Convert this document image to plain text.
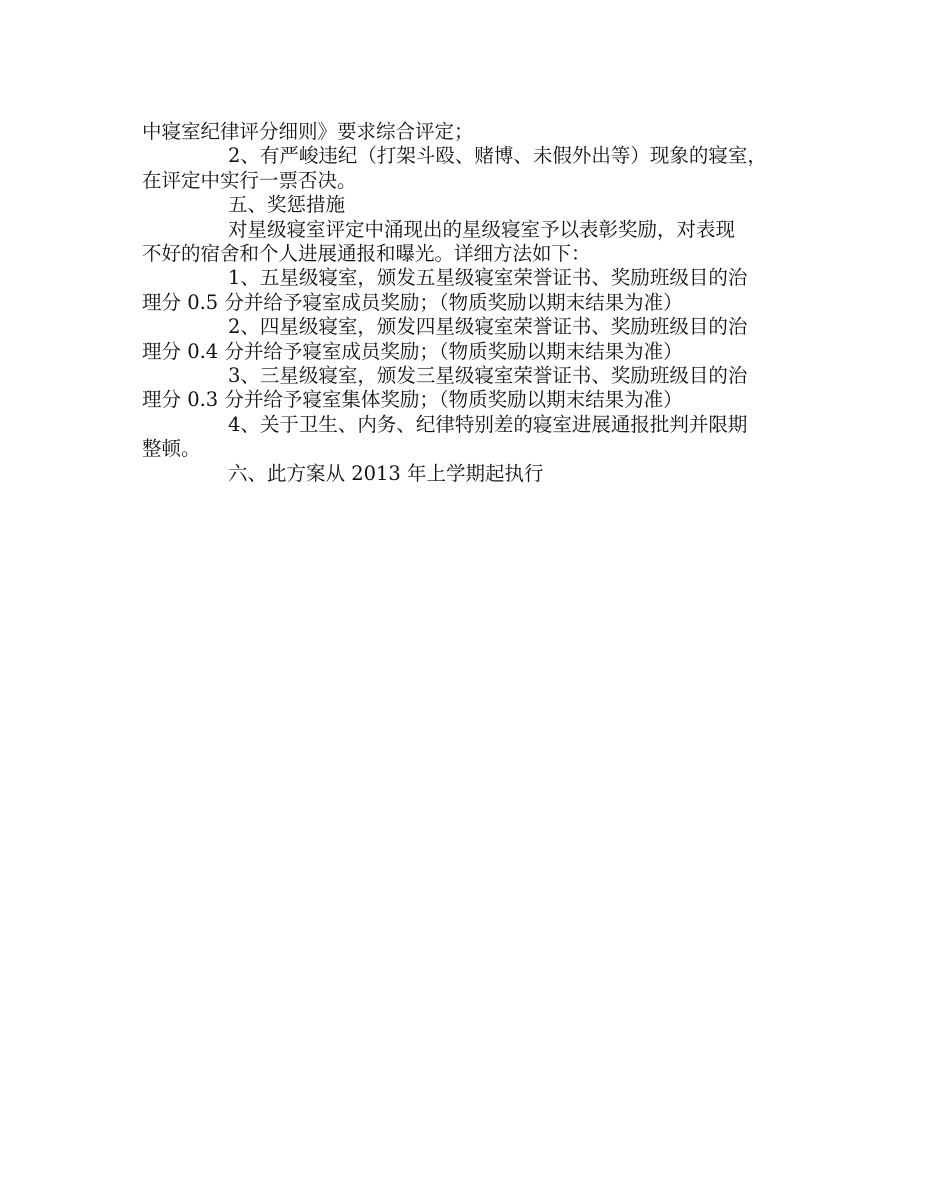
中寝室纪律评分细则》要求综合评定；
2、有严峻违纪（打架斗殴、赌博、未假外出等）现象的寝室，
在评定中实行一票否决。
五、奖惩措施
对星级寝室评定中涌现出的星级寝室予以表彰奖励，对表现
不好的宿舍和个人进展通报和曝光。详细方法如下：
1、五星级寝室，颁发五星级寝室荣誉证书、奖励班级目的治
理分 0.5 分并给予寝室成员奖励；（物质奖励以期末结果为准）
2、四星级寝室，颁发四星级寝室荣誉证书、奖励班级目的治
理分 0.4 分并给予寝室成员奖励；（物质奖励以期末结果为准）
3、三星级寝室，颁发三星级寝室荣誉证书、奖励班级目的治
理分 0.3 分并给予寝室集体奖励；（物质奖励以期末结果为准）
4、关于卫生、内务、纪律特别差的寝室进展通报批判并限期
整顿。
六、此方案从 2013 年上学期起执行
